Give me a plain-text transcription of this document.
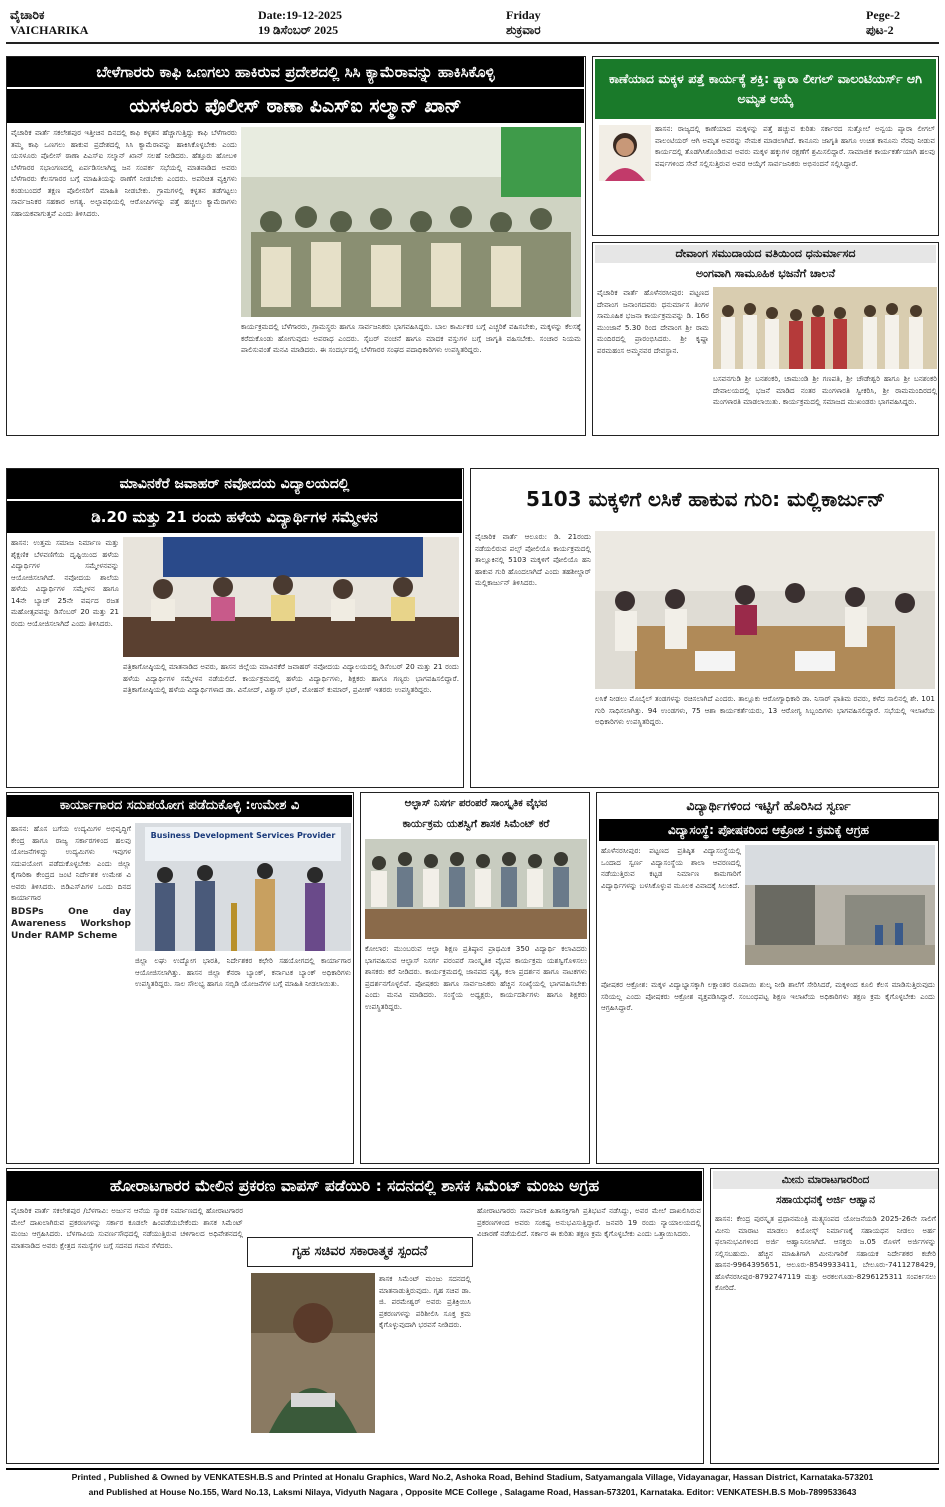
ವೈಚಾರಿಕ
VAICHARIKA
Date:19-12-2025
19 ಡಿಸೆಂಬರ್ 2025
Friday
ಶುಕ್ರವಾರ
Pege-2
ಪುಟ-2
ಬೇಳೆಗಾರರು ಕಾಫಿ ಒಣಗಲು ಹಾಕಿರುವ ಪ್ರದೇಶದಲ್ಲಿ ಸಿಸಿ ಕ್ಯಾಮೆರಾವನ್ನು ಹಾಕಿಸಿಕೊಳ್ಳಿ
ಯಸಳೂರು ಪೊಲೀಸ್ ಠಾಣಾ ಪಿಎಸ್ಐ ಸಲ್ಮಾನ್ ಖಾನ್
ವೈಚಾರಿಕ ವಾರ್ತೆ ಸಕಲೇಶಪುರ ಇತ್ತೀಚಿನ ದಿನದಲ್ಲಿ ಕಾಫಿ ಕಳ್ಳತನ ಹೆಚ್ಚಾಗುತ್ತಿದ್ದು ಕಾಫಿ ಬೆಳೆಗಾರರು ತಮ್ಮ ಕಾಫಿ ಒಣಗಲು ಹಾಕುವ ಪ್ರದೇಶದಲ್ಲಿ ಸಿಸಿ ಕ್ಯಾಮೆರಾವನ್ನು ಹಾಕಿಸಿಕೊಳ್ಳಬೇಕು ಎಂದು ಯಸಳೂರು ಪೊಲೀಸ್ ಠಾಣಾ ಪಿಎಸ್ಐ ಸಲ್ಮಾನ್ ಖಾನ್ ಸಲಹೆ ನೀಡಿದರು. ಹೆತ್ತೂರು ಹೋಬಳಿ ಬೆಳೆಗಾರರ ಸಭಾಂಗಣದಲ್ಲಿ ಏರ್ಪಡಿಸಲಾಗಿದ್ದ ಜನ ಸಂಪರ್ಕ ಸಭೆಯಲ್ಲಿ ಮಾತನಾಡಿದ ಅವರು ಬೆಳೆಗಾರರು ಕೆಲಸಗಾರರ ಬಗ್ಗೆ ಮಾಹಿತಿಯನ್ನು ಠಾಣೆಗೆ ನೀಡಬೇಕು ಎಂದರು. ಅಪರಿಚಿತ ವ್ಯಕ್ತಿಗಳು ಕಂಡುಬಂದರೆ ತಕ್ಷಣ ಪೊಲೀಸರಿಗೆ ಮಾಹಿತಿ ನೀಡಬೇಕು. ಗ್ರಾಮಗಳಲ್ಲಿ ಕಳ್ಳತನ ತಡೆಗಟ್ಟಲು ಸಾರ್ವಜನಿಕರ ಸಹಕಾರ ಅಗತ್ಯ. ಅಲ್ಪಾವಧಿಯಲ್ಲಿ ಆರೋಪಿಗಳನ್ನು ಪತ್ತೆ ಹಚ್ಚಲು ಕ್ಯಾಮೆರಾಗಳು ಸಹಾಯಕವಾಗುತ್ತವೆ ಎಂದು ತಿಳಿಸಿದರು.
ಕಾರ್ಯಕ್ರಮದಲ್ಲಿ ಬೆಳೆಗಾರರು, ಗ್ರಾಮಸ್ಥರು ಹಾಗೂ ಸಾರ್ವಜನಿಕರು ಭಾಗವಹಿಸಿದ್ದರು. ಬಾಲ ಕಾರ್ಮಿಕರ ಬಗ್ಗೆ ಎಚ್ಚರಿಕೆ ವಹಿಸಬೇಕು, ಮಕ್ಕಳನ್ನು ಕೆಲಸಕ್ಕೆ ಕರೆದುಕೊಂಡು ಹೋಗುವುದು ಅಪರಾಧ ಎಂದರು. ಸೈಬರ್ ವಂಚನೆ ಹಾಗೂ ಮಾದಕ ವಸ್ತುಗಳ ಬಗ್ಗೆ ಜಾಗೃತಿ ವಹಿಸಬೇಕು. ಸಂಚಾರ ನಿಯಮ ಪಾಲಿಸುವಂತೆ ಮನವಿ ಮಾಡಿದರು. ಈ ಸಂದರ್ಭದಲ್ಲಿ ಬೆಳೆಗಾರರ ಸಂಘದ ಪದಾಧಿಕಾರಿಗಳು ಉಪಸ್ಥಿತರಿದ್ದರು.
ಕಾಣೆಯಾದ ಮಕ್ಕಳ ಪತ್ತೆ ಕಾರ್ಯಕ್ಕೆ ಶಕ್ತಿ: ಪ್ಯಾರಾ ಲೀಗಲ್ ವಾಲಂಟಿಯರ್ಸ್ ಆಗಿ ಅಮೃತ ಆಯ್ಕೆ
ಹಾಸನ: ರಾಜ್ಯದಲ್ಲಿ ಕಾಣೆಯಾದ ಮಕ್ಕಳನ್ನು ಪತ್ತೆ ಹಚ್ಚುವ ಕುರಿತು ಸರ್ಕಾರದ ಸುತ್ತೋಲೆ ಅನ್ವಯ ಪ್ಯಾರಾ ಲೀಗಲ್ ವಾಲಂಟಿಯರ್ ಆಗಿ ಅಮೃತ ಅವರನ್ನು ನೇಮಕ ಮಾಡಲಾಗಿದೆ. ಕಾನೂನು ಜಾಗೃತಿ ಹಾಗೂ ಉಚಿತ ಕಾನೂನು ನೆರವು ನೀಡುವ ಕಾರ್ಯದಲ್ಲಿ ತೊಡಗಿಸಿಕೊಂಡಿರುವ ಅವರು ಮಕ್ಕಳ ಹಕ್ಕುಗಳ ರಕ್ಷಣೆಗೆ ಶ್ರಮಿಸಲಿದ್ದಾರೆ. ಸಾಮಾಜಿಕ ಕಾರ್ಯಕರ್ತೆಯಾಗಿ ಹಲವು ವರ್ಷಗಳಿಂದ ಸೇವೆ ಸಲ್ಲಿಸುತ್ತಿರುವ ಅವರ ಆಯ್ಕೆಗೆ ಸಾರ್ವಜನಿಕರು ಅಭಿನಂದನೆ ಸಲ್ಲಿಸಿದ್ದಾರೆ.
ದೇವಾಂಗ ಸಮುದಾಯದ ವತಿಯಿಂದ ಧನುರ್ಮಾಸದ
ಅಂಗವಾಗಿ ಸಾಮೂಹಿಕ ಭಜನೆಗೆ ಚಾಲನೆ
ವೈಚಾರಿಕ ವಾರ್ತೆ ಹೊಳೆನರಸೀಪುರ: ಪಟ್ಟಣದ ದೇವಾಂಗ ಜನಾಂಗದವರು ಧನುರ್ಮಾಸ ತಿಂಗಳ ಸಾಮೂಹಿಕ ಭಜನಾ ಕಾರ್ಯಕ್ರಮವನ್ನು ಡಿ. 16ರ ಮುಂಜಾನೆ 5.30 ರಿಂದ ದೇವಾಂಗ ಶ್ರೀ ರಾಮ ಮಂದಿರದಲ್ಲಿ ಪ್ರಾರಂಭಿಸಿದರು. ಶ್ರೀ ಕೃಷ್ಣಾ ಪರಮಹಂಸ ಅಮ್ಮನವರ ದೇವಸ್ಥಾನ.
ಬಸವನಗುಡಿ ಶ್ರೀ ಬನಶಂಕರಿ, ಚಾಮುಂಡಿ ಶ್ರೀ ಗಣಪತಿ, ಶ್ರೀ ಚೌಡೇಶ್ವರಿ ಹಾಗೂ ಶ್ರೀ ಬನಶಂಕರಿ ದೇವಾಲಯದಲ್ಲಿ ಭಜನೆ ಮಾಡಿದ ನಂತರ ಮಂಗಳಾರತಿ ಸ್ವೀಕರಿಸಿ, ಶ್ರೀ ರಾಮಮಂದಿರದಲ್ಲಿ ಮಂಗಳಾರತಿ ಮಾಡಲಾಯಿತು. ಕಾರ್ಯಕ್ರಮದಲ್ಲಿ ಸಮಾಜದ ಮುಖಂಡರು ಭಾಗವಹಿಸಿದ್ದರು.
ಮಾವಿನಕೆರೆ ಜವಾಹರ್ ನವೋದಯ ವಿದ್ಯಾಲಯದಲ್ಲಿ
ಡಿ.20 ಮತ್ತು 21 ರಂದು ಹಳೆಯ ವಿದ್ಯಾರ್ಥಿಗಳ ಸಮ್ಮೇಳನ
ಹಾಸನ: ಉತ್ತಮ ಸಮಾಜ ನಿರ್ಮಾಣ ಮತ್ತು ಶೈಕ್ಷಣಿಕ ಬೆಳವಣಿಗೆಯ ದೃಷ್ಟಿಯಿಂದ ಹಳೆಯ ವಿದ್ಯಾರ್ಥಿಗಳ ಸಮ್ಮೇಳನವನ್ನು ಆಯೋಜಿಸಲಾಗಿದೆ. ನವೋದಯ ಶಾಲೆಯ ಹಳೆಯ ವಿದ್ಯಾರ್ಥಿಗಳ ಸಮ್ಮೇಳನ ಹಾಗೂ 14ನೇ ಬ್ಯಾಚ್ 25ನೇ ವರ್ಷದ ರಜತ ಮಹೋತ್ಸವವನ್ನು ಡಿಸೆಂಬರ್ 20 ಮತ್ತು 21 ರಂದು ಆಯೋಜಿಸಲಾಗಿದೆ ಎಂದು ತಿಳಿಸಿದರು.
ಪತ್ರಿಕಾಗೋಷ್ಠಿಯಲ್ಲಿ ಮಾತನಾಡಿದ ಅವರು, ಹಾಸನ ಜಿಲ್ಲೆಯ ಮಾವಿನಕೆರೆ ಜವಾಹರ್ ನವೋದಯ ವಿದ್ಯಾಲಯದಲ್ಲಿ ಡಿಸೆಂಬರ್ 20 ಮತ್ತು 21 ರಂದು ಹಳೆಯ ವಿದ್ಯಾರ್ಥಿಗಳ ಸಮ್ಮೇಳನ ನಡೆಯಲಿದೆ. ಕಾರ್ಯಕ್ರಮದಲ್ಲಿ ಹಳೆಯ ವಿದ್ಯಾರ್ಥಿಗಳು, ಶಿಕ್ಷಕರು ಹಾಗೂ ಗಣ್ಯರು ಭಾಗವಹಿಸಲಿದ್ದಾರೆ. ಪತ್ರಿಕಾಗೋಷ್ಠಿಯಲ್ಲಿ ಹಳೆಯ ವಿದ್ಯಾರ್ಥಿಗಳಾದ ಡಾ. ವಿನೋದ್, ವಿಶ್ವಾಸ್ ಭಟ್, ಮೋಹನ್ ಕುಮಾರ್, ಪ್ರವೀಣ್ ಇತರರು ಉಪಸ್ಥಿತರಿದ್ದರು.
5103 ಮಕ್ಕಳಿಗೆ ಲಸಿಕೆ ಹಾಕುವ ಗುರಿ: ಮಲ್ಲಿಕಾರ್ಜುನ್
ವೈಚಾರಿಕ ವಾರ್ತೆ ಆಲೂರು: ಡಿ. 21ರಂದು ನಡೆಯಲಿರುವ ಪಲ್ಸ್ ಪೋಲಿಯೊ ಕಾರ್ಯಕ್ರಮದಲ್ಲಿ ತಾಲ್ಲೂಕಿನಲ್ಲಿ 5103 ಮಕ್ಕಳಿಗೆ ಪೋಲಿಯೊ ಹನಿ ಹಾಕುವ ಗುರಿ ಹೊಂದಲಾಗಿದೆ ಎಂದು ತಹಶೀಲ್ದಾರ್ ಮಲ್ಲಿಕಾರ್ಜುನ್ ತಿಳಿಸಿದರು.
ಲಸಿಕೆ ನೀಡಲು ಮೊಬೈಲ್ ತಂಡಗಳನ್ನು ರಚಿಸಲಾಗಿದೆ ಎಂದರು. ತಾಲ್ಲೂಕು ಆರೋಗ್ಯಾಧಿಕಾರಿ ಡಾ. ನಿಸಾರ್ ಫಾತಿಮ ರವರು, ಕಳೆದ ಸಾಲಿನಲ್ಲಿ ಶೇ. 101 ಗುರಿ ಸಾಧಿಸಲಾಗಿತ್ತು. 94 ಉಂಡಗಳು, 75 ಆಶಾ ಕಾರ್ಯಕರ್ತೆಯರು, 13 ಆರೋಗ್ಯ ಸಿಬ್ಬಂದಿಗಳು ಭಾಗವಹಿಸಲಿದ್ದಾರೆ. ಸಭೆಯಲ್ಲಿ ಇಲಾಖೆಯ ಅಧಿಕಾರಿಗಳು ಉಪಸ್ಥಿತರಿದ್ದರು.
ಕಾರ್ಯಾಗಾರದ ಸದುಪಯೋಗ ಪಡೆದುಕೊಳ್ಳಿ :ಉಮೇಶ ವಿ
ಹಾಸನ: ಹೊಸ ಬಗೆಯ ಉದ್ಯಮಿಗಳ ಅಭಿವೃದ್ಧಿಗೆ ಕೇಂದ್ರ ಹಾಗೂ ರಾಜ್ಯ ಸರ್ಕಾರಗಳಿಂದ ಹಲವು ಯೋಜನೆಗಳಿದ್ದು ಉದ್ಯಮಿಗಳು ಇವುಗಳ ಸದುಪಯೋಗ ಪಡೆದುಕೊಳ್ಳಬೇಕು ಎಂದು ಜಿಲ್ಲಾ ಕೈಗಾರಿಕಾ ಕೇಂದ್ರದ ಜಂಟಿ ನಿರ್ದೇಶಕ ಉಮೇಶ ವಿ ಅವರು ತಿಳಿಸಿದರು. ಬಿಡಿಎಸ್‌ಪಿಗಳ ಒಂದು ದಿನದ ಕಾರ್ಯಾಗಾರ
BDSPs One day Awareness Workshop Under RAMP Scheme
Business Development Services Provider
ಜಿಲ್ಲಾ ಲಘು ಉದ್ಯೋಗ ಭಾರತಿ, ನಿರ್ದೇಶಕರ ಕಛೇರಿ ಸಹಯೋಗದಲ್ಲಿ ಕಾರ್ಯಾಗಾರ ಆಯೋಜಿಸಲಾಗಿತ್ತು. ಹಾಸನ ಜಿಲ್ಲಾ ಕೆನರಾ ಬ್ಯಾಂಕ್, ಕರ್ನಾಟಕ ಬ್ಯಾಂಕ್ ಅಧಿಕಾರಿಗಳು ಉಪಸ್ಥಿತರಿದ್ದರು. ಸಾಲ ಸೌಲಭ್ಯ ಹಾಗೂ ಸಬ್ಸಿಡಿ ಯೋಜನೆಗಳ ಬಗ್ಗೆ ಮಾಹಿತಿ ನೀಡಲಾಯಿತು.
ಆಲ್ಫಾಸ್ ನಿಸರ್ಗ ಪರಂಪರೆ ಸಾಂಸ್ಕೃತಿಕ ವೈಭವ
ಕಾರ್ಯಕ್ರಮ ಯಶಸ್ವಿಗೆ ಶಾಸಕ ಸಿಮೆಂಟ್ ಕರೆ
ಕೋಲಾರ: ಮುಂಬರುವ ಆಲ್ಫಾ ಶಿಕ್ಷಣ ಪ್ರತಿಷ್ಠಾನ ಪ್ರಾಥಮಿಕ 350 ವಿದ್ಯಾರ್ಥಿ ಕಲಾವಿದರು ಭಾಗವಹಿಸುವ ಆಲ್ಫಾಸ್ ನಿಸರ್ಗ ಪರಂಪರೆ ಸಾಂಸ್ಕೃತಿಕ ವೈಭವ ಕಾರ್ಯಕ್ರಮ ಯಶಸ್ವಿಗೊಳಿಸಲು ಶಾಸಕರು ಕರೆ ನೀಡಿದರು. ಕಾರ್ಯಕ್ರಮದಲ್ಲಿ ಜಾನಪದ ನೃತ್ಯ, ಕಲಾ ಪ್ರದರ್ಶನ ಹಾಗೂ ನಾಟಕಗಳು ಪ್ರದರ್ಶನಗೊಳ್ಳಲಿವೆ. ಪೋಷಕರು ಹಾಗೂ ಸಾರ್ವಜನಿಕರು ಹೆಚ್ಚಿನ ಸಂಖ್ಯೆಯಲ್ಲಿ ಭಾಗವಹಿಸಬೇಕು ಎಂದು ಮನವಿ ಮಾಡಿದರು. ಸಂಸ್ಥೆಯ ಅಧ್ಯಕ್ಷರು, ಕಾರ್ಯದರ್ಶಿಗಳು ಹಾಗೂ ಶಿಕ್ಷಕರು ಉಪಸ್ಥಿತರಿದ್ದರು.
ವಿದ್ಯಾರ್ಥಿಗಳಿಂದ ಇಟ್ಟಿಗೆ ಹೊರಿಸಿದ ಸ್ವರ್ಣ
ವಿದ್ಯಾಸಂಸ್ಥೆ: ಪೋಷಕರಿಂದ ಆಕ್ರೋಶ : ಕ್ರಮಕ್ಕೆ ಆಗ್ರಹ
ಹೊಳೆನರಸೀಪುರ: ಪಟ್ಟಣದ ಪ್ರತಿಷ್ಠಿತ ವಿದ್ಯಾಸಂಸ್ಥೆಯಲ್ಲಿ ಒಂದಾದ ಸ್ವರ್ಣ ವಿದ್ಯಾಸಂಸ್ಥೆಯ ಶಾಲಾ ಆವರಣದಲ್ಲಿ ನಡೆಯುತ್ತಿರುವ ಕಟ್ಟಡ ನಿರ್ಮಾಣ ಕಾಮಗಾರಿಗೆ ವಿದ್ಯಾರ್ಥಿಗಳನ್ನು ಬಳಸಿಕೊಳ್ಳುವ ಮೂಲಕ ವಿವಾದಕ್ಕೆ ಸಿಲುಕಿದೆ.
ಪೋಷಕರ ಆಕ್ರೋಶ: ಮಕ್ಕಳ ವಿದ್ಯಾಭ್ಯಾಸಕ್ಕಾಗಿ ಲಕ್ಷಾಂತರ ರೂಪಾಯಿ ಶುಲ್ಕ ನೀಡಿ ಶಾಲೆಗೆ ಸೇರಿಸಿದರೆ, ಮಕ್ಕಳಿಂದ ಕೂಲಿ ಕೆಲಸ ಮಾಡಿಸುತ್ತಿರುವುದು ಸರಿಯಲ್ಲ ಎಂದು ಪೋಷಕರು ಆಕ್ರೋಶ ವ್ಯಕ್ತಪಡಿಸಿದ್ದಾರೆ. ಸಂಬಂಧಪಟ್ಟ ಶಿಕ್ಷಣ ಇಲಾಖೆಯ ಅಧಿಕಾರಿಗಳು ತಕ್ಷಣ ಕ್ರಮ ಕೈಗೊಳ್ಳಬೇಕು ಎಂದು ಆಗ್ರಹಿಸಿದ್ದಾರೆ.
ಹೋರಾಟಗಾರರ ಮೇಲಿನ ಪ್ರಕರಣ ವಾಪಸ್ ಪಡೆಯಿರಿ : ಸದನದಲ್ಲಿ ಶಾಸಕ ಸಿಮೆಂಟ್ ಮಂಜು ಅಗ್ರಹ
ವೈಚಾರಿಕ ವಾರ್ತೆ ಸಕಲೇಶಪುರ /ಬೆಳಗಾವಿ: ಅರ್ಜುನ ಆನೆಯ ಸ್ಮಾರಕ ನಿರ್ಮಾಣದಲ್ಲಿ ಹೋರಾಟಗಾರರ ಮೇಲೆ ದಾಖಲಾಗಿರುವ ಪ್ರಕರಣಗಳನ್ನು ಸರ್ಕಾರ ಕೂಡಲೇ ಹಿಂಪಡೆಯಬೇಕೆಂದು ಶಾಸಕ ಸಿಮೆಂಟ್ ಮಂಜು ಆಗ್ರಹಿಸಿದರು. ಬೆಳಗಾವಿಯ ಸುವರ್ಣಸೌಧದಲ್ಲಿ ನಡೆಯುತ್ತಿರುವ ಚಳಿಗಾಲದ ಅಧಿವೇಶನದಲ್ಲಿ ಮಾತನಾಡಿದ ಅವರು ಕ್ಷೇತ್ರದ ಸಮಸ್ಯೆಗಳ ಬಗ್ಗೆ ಸದನದ ಗಮನ ಸೆಳೆದರು.	ಗೃಹ ಸಚಿವರ ಸಕಾರಾತ್ಮಕ ಸ್ಪಂದನೆ
ಶಾಸಕ ಸಿಮೆಂಟ್ ಮಂಜು ಸದನದಲ್ಲಿ ಮಾತನಾಡುತ್ತಿರುವುದು. ಗೃಹ ಸಚಿವ ಡಾ. ಜಿ. ಪರಮೇಶ್ವರ್ ಅವರು ಪ್ರತಿಕ್ರಿಯಿಸಿ ಪ್ರಕರಣಗಳನ್ನು ಪರಿಶೀಲಿಸಿ ಸೂಕ್ತ ಕ್ರಮ ಕೈಗೊಳ್ಳುವುದಾಗಿ ಭರವಸೆ ನೀಡಿದರು.
ಹೋರಾಟಗಾರರು ಸಾರ್ವಜನಿಕ ಹಿತಾಸಕ್ತಿಗಾಗಿ ಪ್ರತಿಭಟನೆ ನಡೆಸಿದ್ದು, ಅವರ ಮೇಲೆ ದಾಖಲಿಸಿರುವ ಪ್ರಕರಣಗಳಿಂದ ಅವರು ಸಂಕಷ್ಟ ಅನುಭವಿಸುತ್ತಿದ್ದಾರೆ. ಜನವರಿ 19 ರಂದು ನ್ಯಾಯಾಲಯದಲ್ಲಿ ವಿಚಾರಣೆ ನಡೆಯಲಿದೆ. ಸರ್ಕಾರ ಈ ಕುರಿತು ತಕ್ಷಣ ಕ್ರಮ ಕೈಗೊಳ್ಳಬೇಕು ಎಂದು ಒತ್ತಾಯಿಸಿದರು.
ಮೀನು ಮಾರಾಟಗಾರರಿಂದ
ಸಹಾಯಧನಕ್ಕೆ ಅರ್ಜಿ ಆಹ್ವಾನ
ಹಾಸನ: ಕೇಂದ್ರ ಪುರಸ್ಕೃತ ಪ್ರಧಾನಮಂತ್ರಿ ಮತ್ಸ್ಯಸಂಪದ ಯೋಜನೆಯಡಿ 2025-26ನೇ ಸಾಲಿಗೆ ಮೀನು ಮಾರಾಟ ಮಾಡಲು ಕಿಯೋಸ್ಕ್ ನಿರ್ಮಾಣಕ್ಕೆ ಸಹಾಯಧನ ನೀಡಲು ಅರ್ಹ ಫಲಾನುಭವಿಗಳಿಂದ ಅರ್ಜಿ ಆಹ್ವಾನಿಸಲಾಗಿದೆ. ಆಸಕ್ತರು ಜ.05 ರೊಳಗೆ ಅರ್ಜಿಗಳನ್ನು ಸಲ್ಲಿಸಬಹುದು. ಹೆಚ್ಚಿನ ಮಾಹಿತಿಗಾಗಿ ಮೀನುಗಾರಿಕೆ ಸಹಾಯಕ ನಿರ್ದೇಶಕರ ಕಚೇರಿ ಹಾಸನ-9964395651, ಆಲೂರು-8549933411, ಬೇಲೂರು-7411278429, ಹೊಳೆನರಸೀಪುರ-8792747119 ಮತ್ತು ಅರಕಲಗೂಡು-8296125311 ಸಂಪರ್ಕಿಸಲು ಕೋರಿದೆ.
Printed , Published & Owned by VENKATESH.B.S and Printed at Honalu Graphics, Ward No.2, Ashoka Road, Behind Stadium, Satyamangala Village, Vidayanagar, Hassan District, Karnataka-573201
and Published at House No.155, Ward No.13, Laksmi Nilaya, Vidyuth Nagara , Opposite MCE College , Salagame Road, Hassan-573201, Karnataka. Editor: VENKATESH.B.S Mob-7899533643
